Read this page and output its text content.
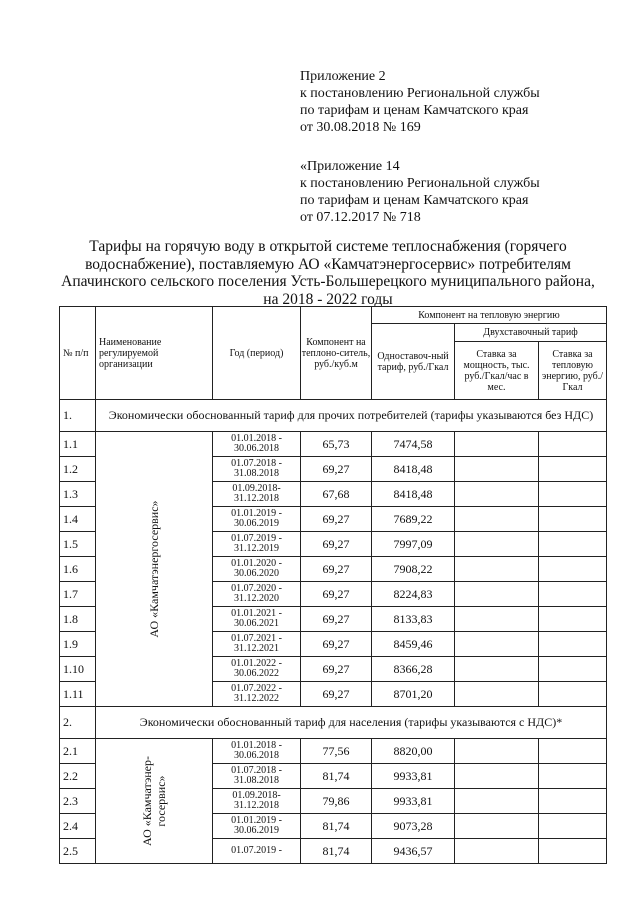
Приложение 2
к постановлению Региональной службы
по тарифам и ценам Камчатского края
от 30.08.2018 № 169
«Приложение 14
к постановлению Региональной службы
по тарифам и ценам Камчатского края
от 07.12.2017 № 718
Тарифы на горячую воду в открытой системе теплоснабжения (горячего водоснабжение), поставляемую АО «Камчатэнергосервис» потребителям Апачинского сельского поселения Усть-Большерецкого муниципального района, на 2018 - 2022 годы
№ п/п	Наименование регулируемой организации	Год (период)	Компонент на теплоно-ситель, руб./куб.м	Компонент на тепловую энергию		
				Одноставоч-ный тариф, руб./Гкал	Двухставочный тариф	
					Ставка за мощность, тыс. руб./Гкал/час в мес.	Ставка за тепловую энергию, руб./Гкал
1.	Экономически обоснованный тариф для прочих потребителей (тарифы указываются без НДС)					
1.1	АО «Камчатэнергосервис»	01.01.2018 - 30.06.2018	65,73	7474,58		
1.2		01.07.2018 - 31.08.2018	69,27	8418,48		
1.3		01.09.2018- 31.12.2018	67,68	8418,48		
1.4		01.01.2019 - 30.06.2019	69,27	7689,22		
1.5		01.07.2019 - 31.12.2019	69,27	7997,09		
1.6		01.01.2020 - 30.06.2020	69,27	7908,22		
1.7		01.07.2020 - 31.12.2020	69,27	8224,83		
1.8		01.01.2021 - 30.06.2021	69,27	8133,83		
1.9		01.07.2021 - 31.12.2021	69,27	8459,46		
1.10		01.01.2022 - 30.06.2022	69,27	8366,28		
1.11		01.07.2022 - 31.12.2022	69,27	8701,20		
2.	Экономически обоснованный тариф для населения (тарифы указываются с НДС)*					
2.1	АО «Камчатэнер- госервис»	01.01.2018 - 30.06.2018	77,56	8820,00		
2.2		01.07.2018 - 31.08.2018	81,74	9933,81		
2.3		01.09.2018- 31.12.2018	79,86	9933,81		
2.4		01.01.2019 - 30.06.2019	81,74	9073,28		
2.5		01.07.2019 -	81,74	9436,57		
